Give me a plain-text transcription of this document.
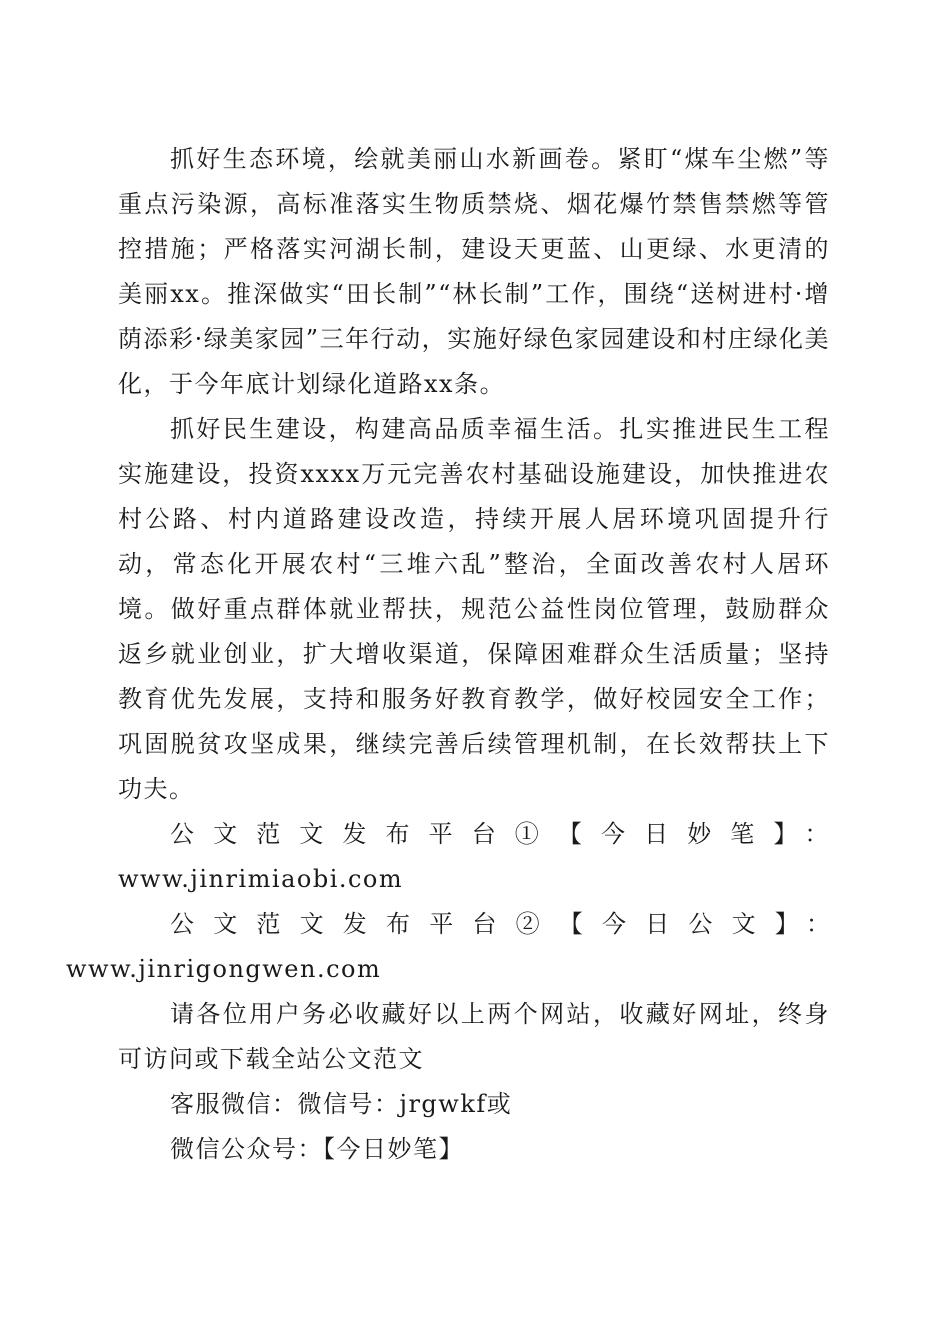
抓好生态环境，绘就美丽山水新画卷。紧盯“煤车尘燃”等重点污染源，高标准落实生物质禁烧、烟花爆竹禁售禁燃等管控措施；严格落实河湖长制，建设天更蓝、山更绿、水更清的美丽xx。推深做实“田长制”“林长制”工作，围绕“送树进村·增荫添彩·绿美家园”三年行动，实施好绿色家园建设和村庄绿化美化，于今年底计划绿化道路xx条。

抓好民生建设，构建高品质幸福生活。扎实推进民生工程实施建设，投资xxxx万元完善农村基础设施建设，加快推进农村公路、村内道路建设改造，持续开展人居环境巩固提升行动，常态化开展农村“三堆六乱”整治，全面改善农村人居环境。做好重点群体就业帮扶，规范公益性岗位管理，鼓励群众返乡就业创业，扩大增收渠道，保障困难群众生活质量；坚持教育优先发展，支持和服务好教育教学，做好校园安全工作；巩固脱贫攻坚成果，继续完善后续管理机制，在长效帮扶上下功夫。

公文范文发布平台①【今日妙笔】：www.jinrimiaobi.com

公文范文发布平台②【今日公文】：
www.jinrigongwen.com

请各位用户务必收藏好以上两个网站，收藏好网址，终身可访问或下载全站公文范文

客服微信：微信号：jrgwkf或

微信公众号：【今日妙笔】
